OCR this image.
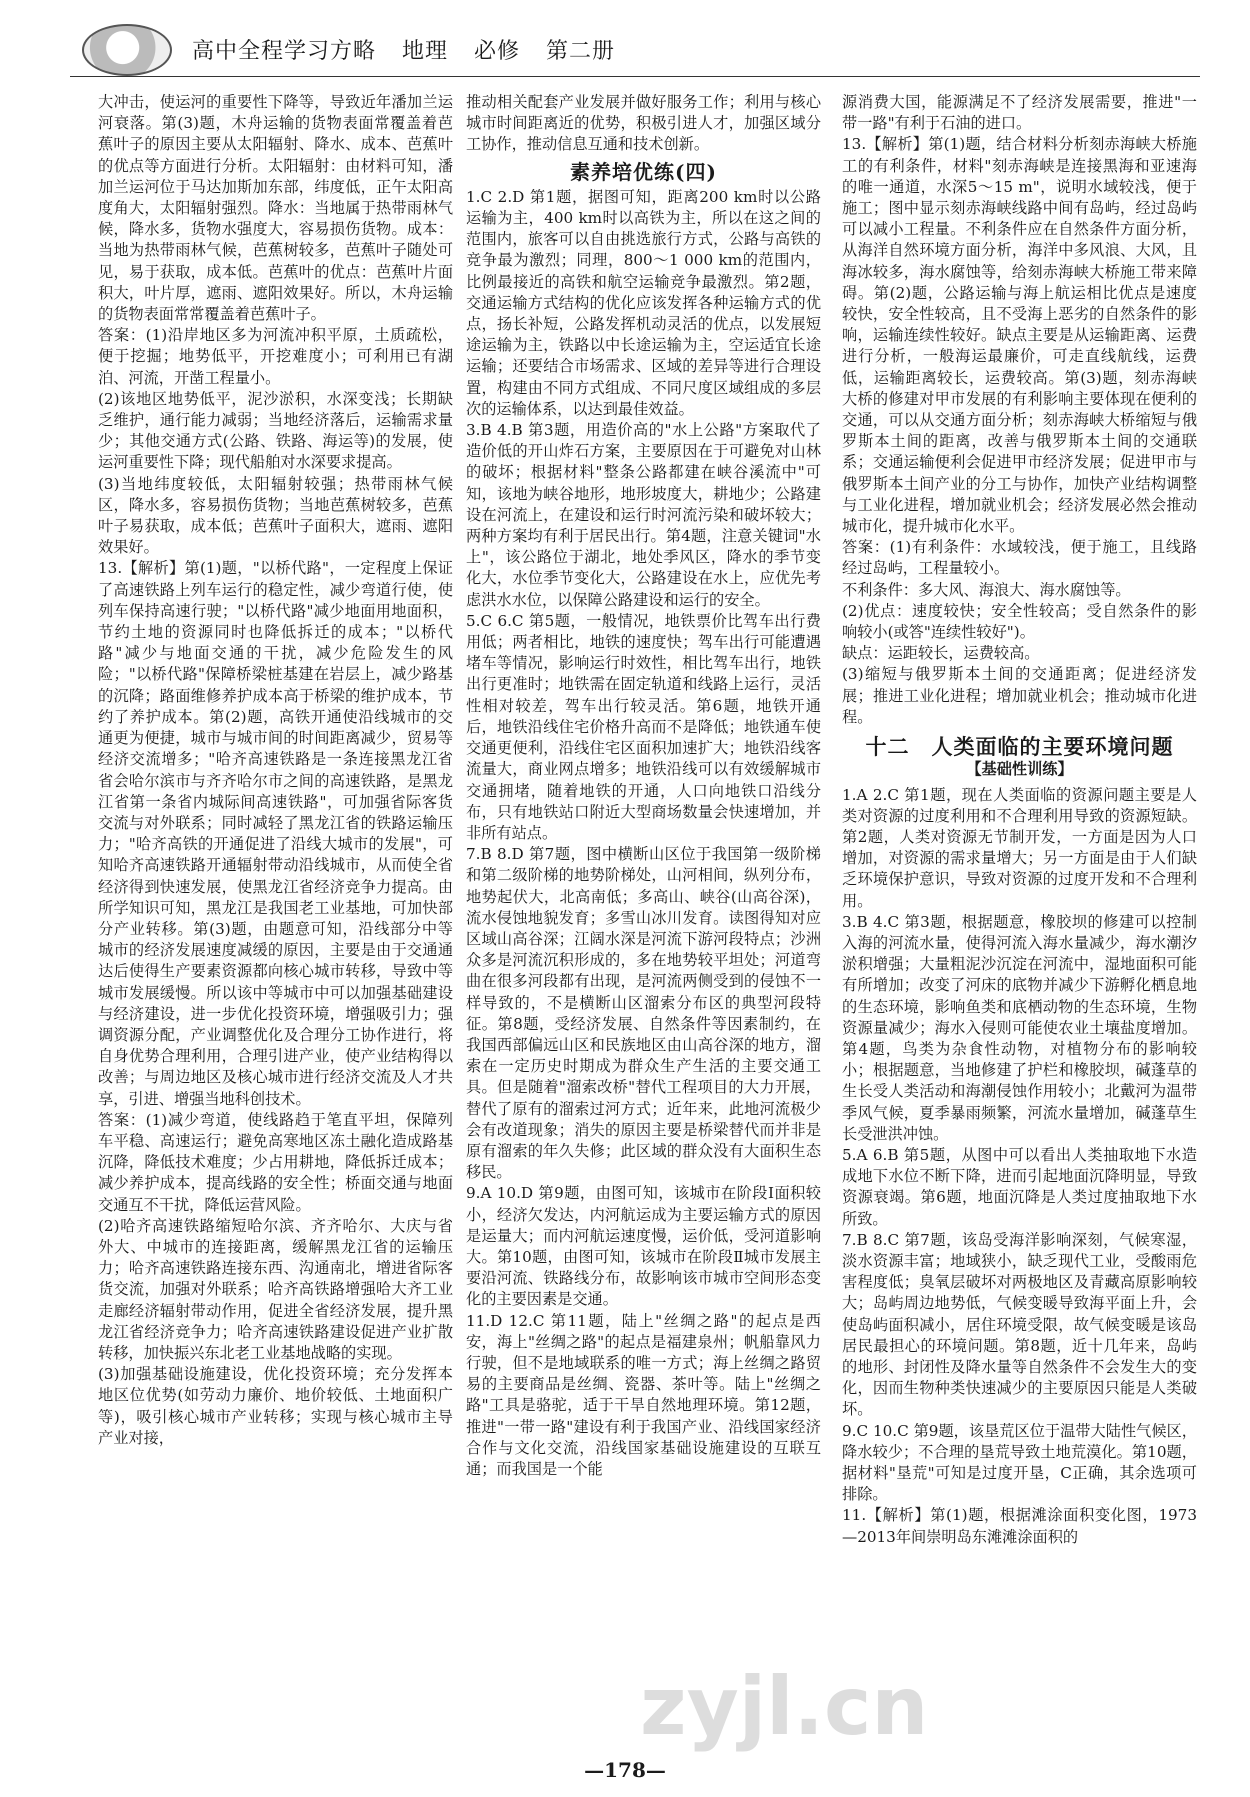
高中全程学习方略 地理 必修 第二册

大冲击，使运河的重要性下降等，导致近年潘加兰运河衰落。第(3)题，木舟运输的货物表面常覆盖着芭蕉叶子的原因主要从太阳辐射、降水、成本、芭蕉叶的优点等方面进行分析。太阳辐射：由材料可知，潘加兰运河位于马达加斯加东部，纬度低，正午太阳高度角大，太阳辐射强烈。降水：当地属于热带雨林气候，降水多，货物水强度大，容易损伤货物。成本：当地为热带雨林气候，芭蕉树较多，芭蕉叶子随处可见，易于获取，成本低。芭蕉叶的优点：芭蕉叶片面积大，叶片厚，遮雨、遮阳效果好。所以，木舟运输的货物表面常常覆盖着芭蕉叶子。

答案：(1)沿岸地区多为河流冲积平原，土质疏松，便于挖掘；地势低平，开挖难度小；可利用已有湖泊、河流，开凿工程量小。

(2)该地区地势低平，泥沙淤积，水深变浅；长期缺乏维护，通行能力减弱；当地经济落后，运输需求量少；其他交通方式(公路、铁路、海运等)的发展，使运河重要性下降；现代船舶对水深要求提高。

(3)当地纬度较低，太阳辐射较强；热带雨林气候区，降水多，容易损伤货物；当地芭蕉树较多，芭蕉叶子易获取，成本低；芭蕉叶子面积大，遮雨、遮阳效果好。

13.【解析】第(1)题，"以桥代路"，一定程度上保证了高速铁路上列车运行的稳定性，减少弯道行使，使列车保持高速行驶；"以桥代路"减少地面用地面积，节约土地的资源同时也降低拆迁的成本；"以桥代路"减少与地面交通的干扰，减少危险发生的风险；"以桥代路"保障桥梁桩基建在岩层上，减少路基的沉降；路面维修养护成本高于桥梁的维护成本，节约了养护成本。第(2)题，高铁开通使沿线城市的交通更为便捷，城市与城市间的时间距离减少，贸易等经济交流增多；"哈齐高速铁路是一条连接黑龙江省省会哈尔滨市与齐齐哈尔市之间的高速铁路，是黑龙江省第一条省内城际间高速铁路"，可加强省际客货交流与对外联系；同时减轻了黑龙江省的铁路运输压力；"哈齐高铁的开通促进了沿线大城市的发展"，可知哈齐高速铁路开通辐射带动沿线城市，从而使全省经济得到快速发展，使黑龙江省经济竞争力提高。由所学知识可知，黑龙江是我国老工业基地，可加快部分产业转移。第(3)题，由题意可知，沿线部分中等城市的经济发展速度减缓的原因，主要是由于交通通达后使得生产要素资源都向核心城市转移，导致中等城市发展缓慢。所以该中等城市中可以加强基础建设与经济建设，进一步优化投资环境，增强吸引力；强调资源分配，产业调整优化及合理分工协作进行，将自身优势合理利用，合理引进产业，使产业结构得以改善；与周边地区及核心城市进行经济交流及人才共享，引进、增强当地科创技术。

答案：(1)减少弯道，使线路趋于笔直平坦，保障列车平稳、高速运行；避免高寒地区冻土融化造成路基沉降，降低技术难度；少占用耕地，降低拆迁成本；减少养护成本，提高线路的安全性；桥面交通与地面交通互不干扰，降低运营风险。

(2)哈齐高速铁路缩短哈尔滨、齐齐哈尔、大庆与省外大、中城市的连接距离，缓解黑龙江省的运输压力；哈齐高速铁路连接东西、沟通南北，增进省际客货交流，加强对外联系；哈齐高铁路增强哈大齐工业走廊经济辐射带动作用，促进全省经济发展，提升黑龙江省经济竞争力；哈齐高速铁路建设促进产业扩散转移，加快振兴东北老工业基地战略的实现。

(3)加强基础设施建设，优化投资环境；充分发挥本地区位优势(如劳动力廉价、地价较低、土地面积广等)，吸引核心城市产业转移；实现与核心城市主导产业对接，

推动相关配套产业发展并做好服务工作；利用与核心城市时间距离近的优势，积极引进人才，加强区域分工协作，推动信息互通和技术创新。

素养培优练(四)

1.C 2.D 第1题，据图可知，距离200 km时以公路运输为主，400 km时以高铁为主，所以在这之间的范围内，旅客可以自由挑选旅行方式，公路与高铁的竞争最为激烈；同理，800～1 000 km的范围内，比例最接近的高铁和航空运输竞争最激烈。第2题，交通运输方式结构的优化应该发挥各种运输方式的优点，扬长补短，公路发挥机动灵活的优点，以发展短途运输为主，铁路以中长途运输为主，空运适宜长途运输；还要结合市场需求、区域的差异等进行合理设置，构建由不同方式组成、不同尺度区域组成的多层次的运输体系，以达到最佳效益。

3.B 4.B 第3题，用造价高的"水上公路"方案取代了造价低的开山炸石方案，主要原因在于可避免对山林的破坏；根据材料"整条公路都建在峡谷溪流中"可知，该地为峡谷地形，地形坡度大，耕地少；公路建设在河流上，在建设和运行时河流污染和破坏较大；两种方案均有利于居民出行。第4题，注意关键词"水上"，该公路位于湖北，地处季风区，降水的季节变化大，水位季节变化大，公路建设在水上，应优先考虑洪水水位，以保障公路建设和运行的安全。

5.C 6.C 第5题，一般情况，地铁票价比驾车出行费用低；两者相比，地铁的速度快；驾车出行可能遭遇堵车等情况，影响运行时效性，相比驾车出行，地铁出行更准时；地铁需在固定轨道和线路上运行，灵活性相对较差，驾车出行较灵活。第6题，地铁开通后，地铁沿线住宅价格升高而不是降低；地铁通车使交通更便利，沿线住宅区面积加速扩大；地铁沿线客流量大，商业网点增多；地铁沿线可以有效缓解城市交通拥堵，随着地铁的开通，人口向地铁口沿线分布，只有地铁站口附近大型商场数量会快速增加，并非所有站点。

7.B 8.D 第7题，图中横断山区位于我国第一级阶梯和第二级阶梯的地势阶梯处，山河相间，纵列分布，地势起伏大，北高南低；多高山、峡谷(山高谷深)，流水侵蚀地貌发育；多雪山冰川发育。读图得知对应区域山高谷深；江阔水深是河流下游河段特点；沙洲众多是河流沉积形成的，多在地势较平坦处；河道弯曲在很多河段都有出现，是河流两侧受到的侵蚀不一样导致的，不是横断山区溜索分布区的典型河段特征。第8题，受经济发展、自然条件等因素制约，在我国西部偏远山区和民族地区由山高谷深的地方，溜索在一定历史时期成为群众生产生活的主要交通工具。但是随着"溜索改桥"替代工程项目的大力开展，替代了原有的溜索过河方式；近年来，此地河流极少会有改道现象；消失的原因主要是桥梁替代而并非是原有溜索的年久失修；此区域的群众没有大面积生态移民。

9.A 10.D 第9题，由图可知，该城市在阶段Ⅰ面积较小，经济欠发达，内河航运成为主要运输方式的原因是运量大；而内河航运速度慢，运价低，受河道影响大。第10题，由图可知，该城市在阶段Ⅱ城市发展主要沿河流、铁路线分布，故影响该市城市空间形态变化的主要因素是交通。

11.D 12.C 第11题，陆上"丝绸之路"的起点是西安，海上"丝绸之路"的起点是福建泉州；帆船靠风力行驶，但不是地域联系的唯一方式；海上丝绸之路贸易的主要商品是丝绸、瓷器、茶叶等。陆上"丝绸之路"工具是骆驼，适于干旱自然地理环境。第12题，推进"一带一路"建设有利于我国产业、沿线国家经济合作与文化交流，沿线国家基础设施建设的互联互通；而我国是一个能

源消费大国，能源满足不了经济发展需要，推进"一带一路"有利于石油的进口。

13.【解析】第(1)题，结合材料分析刻赤海峡大桥施工的有利条件，材料"刻赤海峡是连接黑海和亚速海的唯一通道，水深5～15 m"，说明水域较浅，便于施工；图中显示刻赤海峡线路中间有岛屿，经过岛屿可以减小工程量。不利条件应在自然条件方面分析，从海洋自然环境方面分析，海洋中多风浪、大风，且海冰较多，海水腐蚀等，给刻赤海峡大桥施工带来障碍。第(2)题，公路运输与海上航运相比优点是速度较快，安全性较高，且不受海上恶劣的自然条件的影响，运输连续性较好。缺点主要是从运输距离、运费进行分析，一般海运最廉价，可走直线航线，运费低，运输距离较长，运费较高。第(3)题，刻赤海峡大桥的修建对甲市发展的有利影响主要体现在便利的交通，可以从交通方面分析；刻赤海峡大桥缩短与俄罗斯本土间的距离，改善与俄罗斯本土间的交通联系；交通运输便利会促进甲市经济发展；促进甲市与俄罗斯本土间产业的分工与协作，加快产业结构调整与工业化进程，增加就业机会；经济发展必然会推动城市化，提升城市化水平。

答案：(1)有利条件：水域较浅，便于施工，且线路经过岛屿，工程量较小。

不利条件：多大风、海浪大、海水腐蚀等。

(2)优点：速度较快；安全性较高；受自然条件的影响较小(或答"连续性较好")。

缺点：运距较长，运费较高。

(3)缩短与俄罗斯本土间的交通距离；促进经济发展；推进工业化进程；增加就业机会；推动城市化进程。

十二　人类面临的主要环境问题
【基础性训练】

1.A 2.C 第1题，现在人类面临的资源问题主要是人类对资源的过度利用和不合理利用导致的资源短缺。第2题，人类对资源无节制开发，一方面是因为人口增加，对资源的需求量增大；另一方面是由于人们缺乏环境保护意识，导致对资源的过度开发和不合理利用。

3.B 4.C 第3题，根据题意，橡胶坝的修建可以控制入海的河流水量，使得河流入海水量减少，海水潮汐淤积增强；大量粗泥沙沉淀在河流中，湿地面积可能有所增加；改变了河床的底物并减少下游孵化栖息地的生态环境，影响鱼类和底栖动物的生态环境，生物资源量减少；海水入侵则可能使农业土壤盐度增加。第4题，鸟类为杂食性动物，对植物分布的影响较小；根据题意，当地修建了护栏和橡胶坝，碱蓬草的生长受人类活动和海潮侵蚀作用较小；北戴河为温带季风气候，夏季暴雨频繁，河流水量增加，碱蓬草生长受泄洪冲蚀。

5.A 6.B 第5题，从图中可以看出人类抽取地下水造成地下水位不断下降，进而引起地面沉降明显，导致资源衰竭。第6题，地面沉降是人类过度抽取地下水所致。

7.B 8.C 第7题，该岛受海洋影响深刻，气候寒湿，淡水资源丰富；地域狭小，缺乏现代工业，受酸雨危害程度低；臭氧层破坏对两极地区及青藏高原影响较大；岛屿周边地势低，气候变暖导致海平面上升，会使岛屿面积减小，居住环境受限，故气候变暖是该岛居民最担心的环境问题。第8题，近十几年来，岛屿的地形、封闭性及降水量等自然条件不会发生大的变化，因而生物种类快速减少的主要原因只能是人类破坏。

9.C 10.C 第9题，该垦荒区位于温带大陆性气候区，降水较少；不合理的垦荒导致土地荒漠化。第10题，据材料"垦荒"可知是过度开垦，C正确，其余选项可排除。

11.【解析】第(1)题，根据滩涂面积变化图，1973—2013年间崇明岛东滩滩涂面积的

zyjl.cn
—178—
